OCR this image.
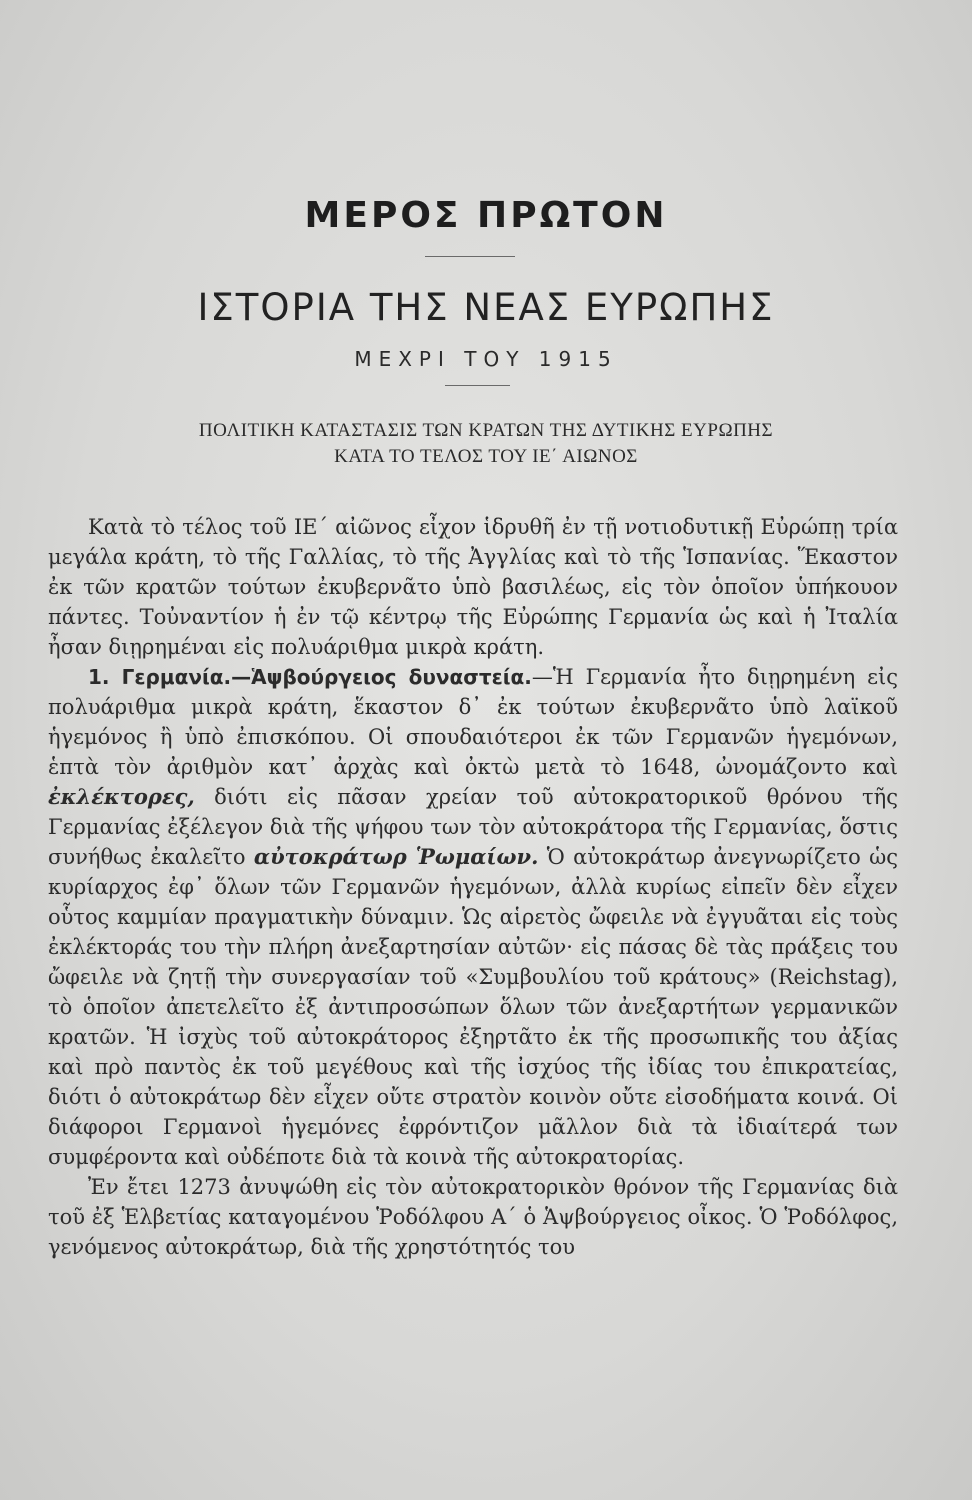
ΜΕΡΟΣ ΠΡΩΤΟΝ
ΙΣΤΟΡΙΑ ΤΗΣ ΝΕΑΣ ΕΥΡΩΠΗΣ
ΜΕΧΡΙ ΤΟΥ 1915
ΠΟΛΙΤΙΚΗ ΚΑΤΑΣΤΑΣΙΣ ΤΩΝ ΚΡΑΤΩΝ ΤΗΣ ΔΥΤΙΚΗΣ ΕΥΡΩΠΗΣ
ΚΑΤΑ ΤΟ ΤΕΛΟΣ ΤΟΥ ΙΕ΄ ΑΙΩΝΟΣ

Κατὰ τὸ τέλος τοῦ ΙΕ΄ αἰῶνος εἶχον ἱδρυθῆ ἐν τῇ νοτιοδυτικῇ Εὐρώπῃ τρία μεγάλα κράτη, τὸ τῆς Γαλλίας, τὸ τῆς Ἀγγλίας καὶ τὸ τῆς Ἱσπανίας. Ἕκαστον ἐκ τῶν κρατῶν τούτων ἐκυβερνᾶτο ὑπὸ βασιλέως, εἰς τὸν ὁποῖον ὑπήκουον πάντες. Τοὐναντίον ἡ ἐν τῷ κέντρῳ τῆς Εὐρώπης Γερμανία ὡς καὶ ἡ Ἰταλία ἦσαν διῃρημέναι εἰς πολυάριθμα μικρὰ κράτη.

1. Γερμανία.—Ἁψβούργειος δυναστεία.—Ἡ Γερμανία ἦτο διῃρημένη εἰς πολυάριθμα μικρὰ κράτη, ἕκαστον δ᾽ ἐκ τούτων ἐκυβερνᾶτο ὑπὸ λαϊκοῦ ἡγεμόνος ἢ ὑπὸ ἐπισκόπου. Οἱ σπουδαιότεροι ἐκ τῶν Γερμανῶν ἡγεμόνων, ἑπτὰ τὸν ἀριθμὸν κατ᾽ ἀρχὰς καὶ ὀκτὼ μετὰ τὸ 1648, ὠνομάζοντο καὶ ἐκλέκτορες, διότι εἰς πᾶσαν χρείαν τοῦ αὐτοκρατορικοῦ θρόνου τῆς Γερμανίας ἐξέλεγον διὰ τῆς ψήφου των τὸν αὐτοκράτορα τῆς Γερμανίας, ὅστις συνήθως ἐκαλεῖτο αὐτοκράτωρ Ῥωμαίων. Ὁ αὐτοκράτωρ ἀνεγνωρίζετο ὡς κυρίαρχος ἐφ᾽ ὅλων τῶν Γερμανῶν ἡγεμόνων, ἀλλὰ κυρίως εἰπεῖν δὲν εἶχεν οὗτος καμμίαν πραγματικὴν δύναμιν. Ὡς αἱρετὸς ὤφειλε νὰ ἐγγυᾶται εἰς τοὺς ἐκλέκτοράς του τὴν πλήρη ἀνεξαρτησίαν αὐτῶν· εἰς πάσας δὲ τὰς πράξεις του ὤφειλε νὰ ζητῇ τὴν συνεργασίαν τοῦ «Συμβουλίου τοῦ κράτους» (Reichstag), τὸ ὁποῖον ἀπετελεῖτο ἐξ ἀντιπροσώπων ὅλων τῶν ἀνεξαρτήτων γερμανικῶν κρατῶν. Ἡ ἰσχὺς τοῦ αὐτοκράτορος ἐξηρτᾶτο ἐκ τῆς προσωπικῆς του ἀξίας καὶ πρὸ παντὸς ἐκ τοῦ μεγέθους καὶ τῆς ἰσχύος τῆς ἰδίας του ἐπικρατείας, διότι ὁ αὐτοκράτωρ δὲν εἶχεν οὔτε στρατὸν κοινὸν οὔτε εἰσοδήματα κοινά. Οἱ διάφοροι Γερμανοὶ ἡγεμόνες ἐφρόντιζον μᾶλλον διὰ τὰ ἰδιαίτερά των συμφέροντα καὶ οὐδέποτε διὰ τὰ κοινὰ τῆς αὐτοκρατορίας.

Ἐν ἔτει 1273 ἀνυψώθη εἰς τὸν αὐτοκρατορικὸν θρόνον τῆς Γερμανίας διὰ τοῦ ἐξ Ἑλβετίας καταγομένου Ῥοδόλφου Α΄ ὁ Ἁψβούργειος οἶκος. Ὁ Ῥοδόλφος, γενόμενος αὐτοκράτωρ, διὰ τῆς χρηστότητός του
